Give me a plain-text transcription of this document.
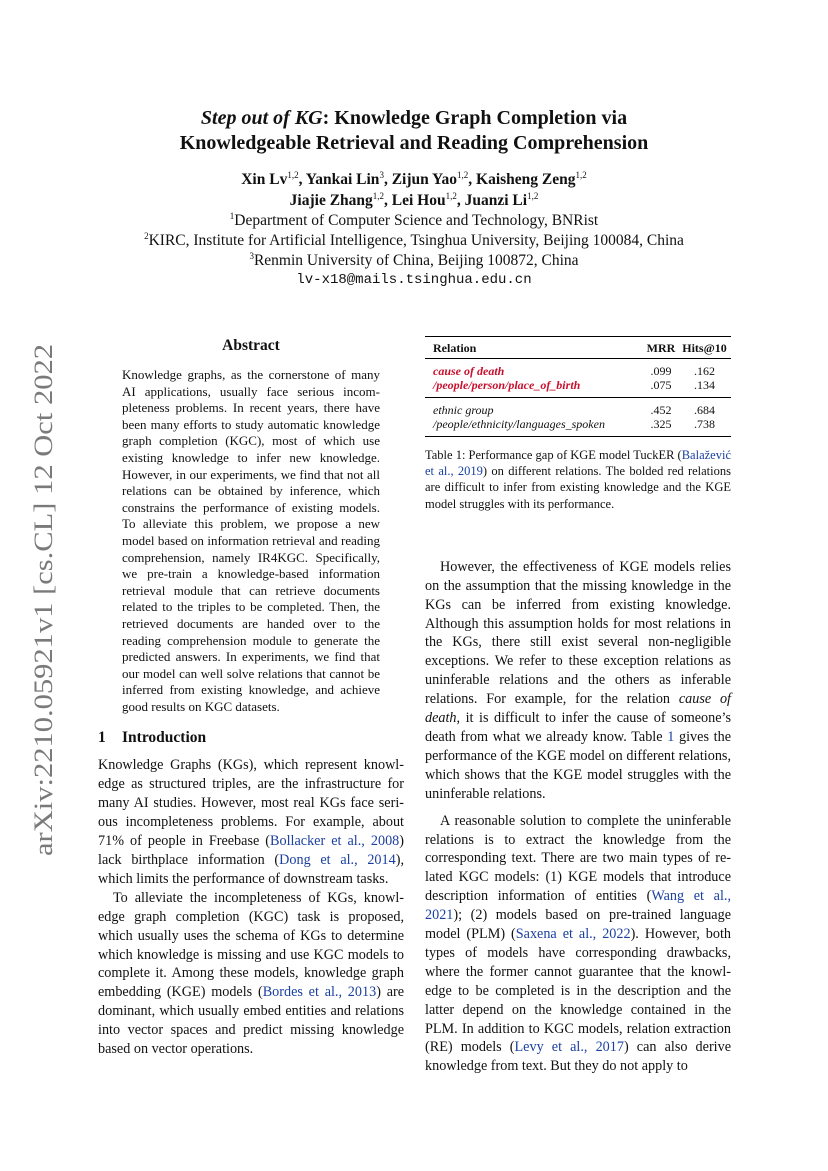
arXiv:2210.05921v1 [cs.CL] 12 Oct 2022
Step out of KG: Knowledge Graph Completion via
Knowledgeable Retrieval and Reading Comprehension
Xin Lv$^{1,2}$, Yankai Lin$^3$, Zijun Yao$^{1,2}$, Kaisheng Zeng$^{1,2}$
Jiajie Zhang$^{1,2}$, Lei Hou$^{1,2}$, Juanzi Li$^{1,2}$
$^1$Department of Computer Science and Technology, BNRist
$^2$KIRC, Institute for Artificial Intelligence, Tsinghua University, Beijing 100084, China
$^3$Renmin University of China, Beijing 100872, China
lv-x18@mails.tsinghua.edu.cn
Abstract
Knowledge graphs, as the cornerstone of many AI applications, usually face serious incompleteness problems. In recent years, there have been many efforts to study automatic knowledge graph completion (KGC), most of which use existing knowledge to infer new knowledge. However, in our experiments, we find that not all relations can be obtained by inference, which constrains the performance of existing models. To alleviate this problem, we propose a new model based on information retrieval and reading comprehension, namely IR4KGC. Specifically, we pre-train a knowledge-based information retrieval module that can retrieve documents related to the triples to be completed. Then, the retrieved documents are handed over to the reading comprehension module to generate the predicted answers. In experiments, we find that our model can well solve relations that cannot be inferred from existing knowledge, and achieve good results on KGC datasets.
1 Introduction

Knowledge Graphs (KGs), which represent knowledge as structured triples, are the infrastructure for many AI studies. However, most real KGs face serious incompleteness problems. For example, about 71% of people in Freebase (Bollacker et al., 2008) lack birthplace information (Dong et al., 2014), which limits the performance of downstream tasks.

To alleviate the incompleteness of KGs, knowledge graph completion (KGC) task is proposed, which usually uses the schema of KGs to determine which knowledge is missing and use KGC models to complete it. Among these models, knowledge graph embedding (KGE) models (Bordes et al., 2013) are dominant, which usually embed entities and relations into vector spaces and predict missing knowledge based on vector operations.

Relation	MRR	Hits@10
cause of death	.099	.162
/people/person/place_of_birth	.075	.134
ethnic group	.452	.684
/people/ethnicity/languages_spoken	.325	.738
Table 1: Performance gap of KGE model TuckER (Balažević et al., 2019) on different relations. The bolded red relations are difficult to infer from existing knowledge and the KGE model struggles with its performance.

However, the effectiveness of KGE models relies on the assumption that the missing knowledge in the KGs can be inferred from existing knowledge. Although this assumption holds for most relations in the KGs, there still exist several non-negligible exceptions. We refer to these exception relations as uninferable relations and the others as inferable relations. For example, for the relation cause of death, it is difficult to infer the cause of someone’s death from what we already know. Table 1 gives the performance of the KGE model on different relations, which shows that the KGE model struggles with the uninferable relations.

A reasonable solution to complete the uninferable relations is to extract the knowledge from the corresponding text. There are two main types of related KGC models: (1) KGE models that introduce description information of entities (Wang et al., 2021); (2) models based on pre-trained language model (PLM) (Saxena et al., 2022). However, both types of models have corresponding drawbacks, where the former cannot guarantee that the knowledge to be completed is in the description and the latter depend on the knowledge contained in the PLM. In addition to KGC models, relation extraction (RE) models (Levy et al., 2017) can also derive knowledge from text. But they do not apply to
